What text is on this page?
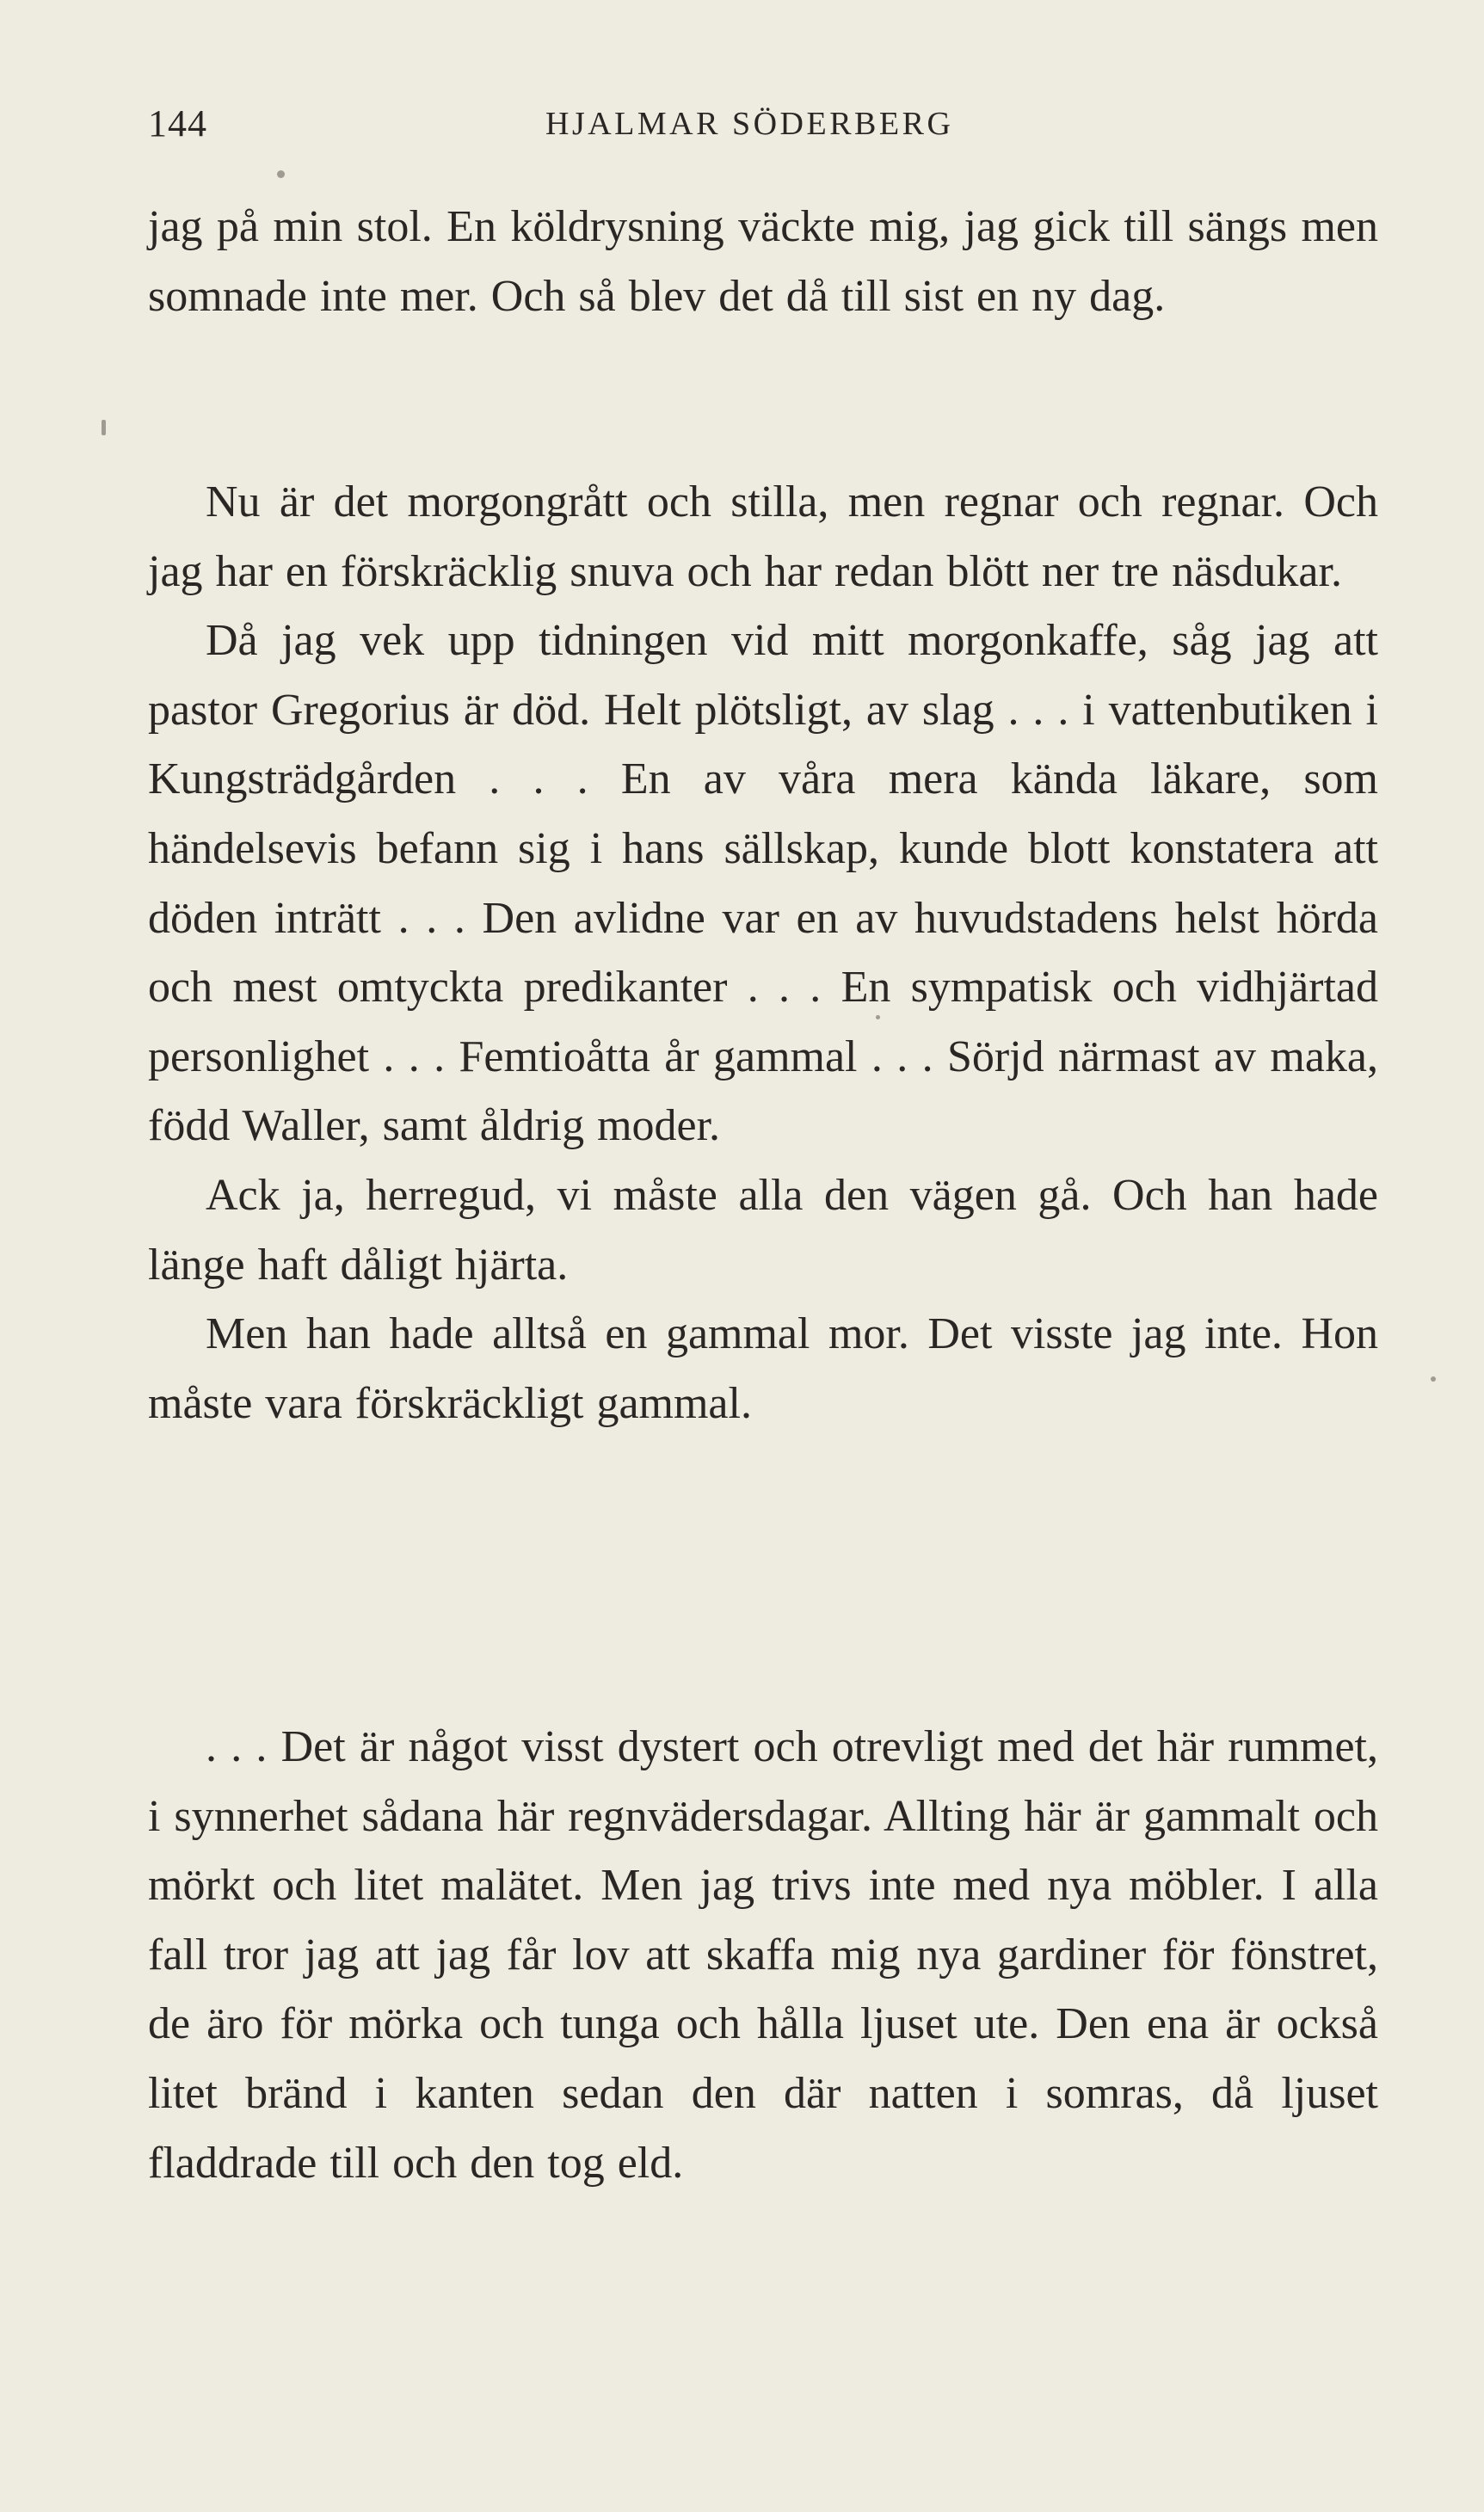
144	HJALMAR SÖDERBERG

jag på min stol. En köldrysning väckte mig, jag gick till sängs men somnade inte mer. Och så blev det då till sist en ny dag.

Nu är det morgongrått och stilla, men regnar och regnar. Och jag har en förskräcklig snuva och har redan blött ner tre näsdukar.

Då jag vek upp tidningen vid mitt morgonkaffe, såg jag att pastor Gregorius är död. Helt plötsligt, av slag . . . i vattenbutiken i Kungsträdgården . . . En av våra mera kända läkare, som händelsevis befann sig i hans sällskap, kunde blott konstatera att döden inträtt . . . Den avlidne var en av huvudstadens helst hörda och mest omtyckta predikanter . . . En sympatisk och vidhjärtad personlighet . . . Femtioåtta år gammal . . . Sörjd närmast av maka, född Waller, samt åldrig moder.

Ack ja, herregud, vi måste alla den vägen gå. Och han hade länge haft dåligt hjärta.

Men han hade alltså en gammal mor. Det visste jag inte. Hon måste vara förskräckligt gammal.

. . . Det är något visst dystert och otrevligt med det här rummet, i synnerhet sådana här regnvädersdagar. Allting här är gammalt och mörkt och litet malätet. Men jag trivs inte med nya möbler. I alla fall tror jag att jag får lov att skaffa mig nya gardiner för fönstret, de äro för mörka och tunga och hålla ljuset ute. Den ena är också litet bränd i kanten sedan den där natten i somras, då ljuset fladdrade till och den tog eld.
